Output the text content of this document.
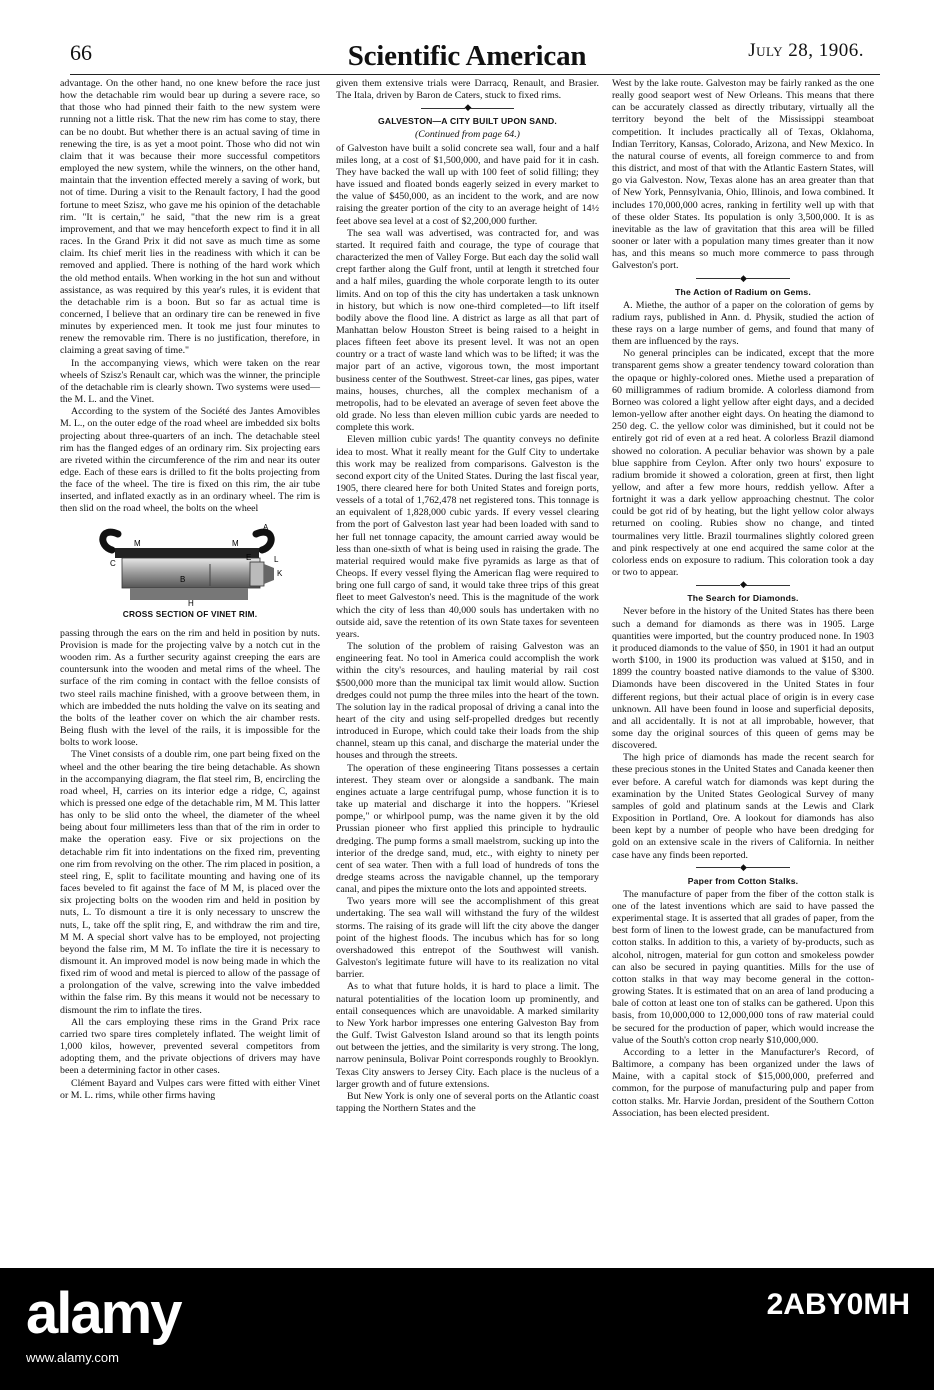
66	Scientific American	July 28, 1906.

advantage. On the other hand, no one knew before the race just how the detachable rim would bear up during a severe race, so that those who had pinned their faith to the new system were running not a little risk. That the new rim has come to stay, there can be no doubt. But whether there is an actual saving of time in renewing the tire, is as yet a moot point. Those who did not win claim that it was because their more successful competitors employed the new system, while the winners, on the other hand, maintain that the invention effected merely a saving of work, but not of time. During a visit to the Renault factory, I had the good fortune to meet Szisz, who gave me his opinion of the detachable rim. "It is certain," he said, "that the new rim is a great improvement, and that we may henceforth expect to find it in all races. In the Grand Prix it did not save as much time as some claim. Its chief merit lies in the readiness with which it can be removed and applied. There is nothing of the hard work which the old method entails. When working in the hot sun and without assistance, as was required by this year's rules, it is evident that the detachable rim is a boon. But so far as actual time is concerned, I believe that an ordinary tire can be renewed in five minutes by experienced men. It took me just four minutes to renew the removable rim. There is no justification, therefore, in claiming a great saving of time."

In the accompanying views, which were taken on the rear wheels of Szisz's Renault car, which was the winner, the principle of the detachable rim is clearly shown. Two systems were used—the M. L. and the Vinet.

According to the system of the Société des Jantes Amovibles M. L., on the outer edge of the road wheel are imbedded six bolts projecting about three-quarters of an inch. The detachable steel rim has the flanged edges of an ordinary rim. Six projecting ears are riveted within the circumference of the rim and near its outer edge. Each of these ears is drilled to fit the bolts projecting from the face of the wheel. The tire is fixed on this rim, the air tube inserted, and inflated exactly as in an ordinary wheel. The rim is then slid on the road wheel, the bolts on the wheel

A
M	M
C
B
E	L
K
H
CROSS SECTION OF VINET RIM.

passing through the ears on the rim and held in position by nuts. Provision is made for the projecting valve by a notch cut in the wooden rim. As a further security against creeping the ears are countersunk into the wooden and metal rims of the wheel. The surface of the rim coming in contact with the felloe consists of two steel rails machine finished, with a groove between them, in which are imbedded the nuts holding the valve on its seating and the bolts of the leather cover on which the air chamber rests. Being flush with the level of the rails, it is impossible for the bolts to work loose.

The Vinet consists of a double rim, one part being fixed on the wheel and the other bearing the tire being detachable. As shown in the accompanying diagram, the flat steel rim, B, encircling the road wheel, H, carries on its interior edge a ridge, C, against which is pressed one edge of the detachable rim, M M. This latter has only to be slid onto the wheel, the diameter of the wheel being about four millimeters less than that of the rim in order to make the operation easy. Five or six projections on the detachable rim fit into indentations on the fixed rim, preventing one rim from revolving on the other. The rim placed in position, a steel ring, E, split to facilitate mounting and having one of its faces beveled to fit against the face of M M, is placed over the six projecting bolts on the wooden rim and held in position by nuts, L. To dismount a tire it is only necessary to unscrew the nuts, L, take off the split ring, E, and withdraw the rim and tire, M M. A special short valve has to be employed, not projecting beyond the false rim, M M. To inflate the tire it is necessary to dismount it. An improved model is now being made in which the fixed rim of wood and metal is pierced to allow of the passage of a prolongation of the valve, screwing into the valve imbedded within the false rim. By this means it would not be necessary to dismount the rim to inflate the tires.

All the cars employing these rims in the Grand Prix race carried two spare tires completely inflated. The weight limit of 1,000 kilos, however, prevented several competitors from adopting them, and the private objections of drivers may have been a determining factor in other cases.

Clément Bayard and Vulpes cars were fitted with either Vinet or M. L. rims, while other firms having

given them extensive trials were Darracq, Renault, and Brasier. The Itala, driven by Baron de Caters, stuck to fixed rims.

◆
GALVESTON—A CITY BUILT UPON SAND.
(Continued from page 64.)

of Galveston have built a solid concrete sea wall, four and a half miles long, at a cost of $1,500,000, and have paid for it in cash. They have backed the wall up with 100 feet of solid filling; they have issued and floated bonds eagerly seized in every market to the value of $450,000, as an incident to the work, and are now raising the greater portion of the city to an average height of 14½ feet above sea level at a cost of $2,200,000 further.

The sea wall was advertised, was contracted for, and was started. It required faith and courage, the type of courage that characterized the men of Valley Forge. But each day the solid wall crept farther along the Gulf front, until at length it stretched four and a half miles, guarding the whole corporate length to its outer limits. And on top of this the city has undertaken a task unknown in history, but which is now one-third completed—to lift itself bodily above the flood line. A district as large as all that part of Manhattan below Houston Street is being raised to a height in places fifteen feet above its present level. It was not an open country or a tract of waste land which was to be lifted; it was the major part of an active, vigorous town, the most important business center of the Southwest. Street-car lines, gas pipes, water mains, houses, churches, all the complex mechanism of a metropolis, had to be elevated an average of seven feet above the old grade. No less than eleven million cubic yards are needed to complete this work.

Eleven million cubic yards! The quantity conveys no definite idea to most. What it really meant for the Gulf City to undertake this work may be realized from comparisons. Galveston is the second export city of the United States. During the last fiscal year, 1905, there cleared here for both United States and foreign ports, vessels of a total of 1,762,478 net registered tons. This tonnage is an equivalent of 1,828,000 cubic yards. If every vessel clearing from the port of Galveston last year had been loaded with sand to her full net tonnage capacity, the amount carried away would be less than one-sixth of what is being used in raising the grade. The material required would make five pyramids as large as that of Cheops. If every vessel flying the American flag were required to bring one full cargo of sand, it would take three trips of this great fleet to meet Galveston's need. This is the magnitude of the work which the city of less than 40,000 souls has undertaken with no outside aid, save the retention of its own State taxes for seventeen years.

The solution of the problem of raising Galveston was an engineering feat. No tool in America could accomplish the work within the city's resources, and hauling material by rail cost $500,000 more than the municipal tax limit would allow. Suction dredges could not pump the three miles into the heart of the town. The solution lay in the radical proposal of driving a canal into the heart of the city and using self-propelled dredges but recently introduced in Europe, which could take their loads from the ship channel, steam up this canal, and discharge the material under the houses and through the streets.

The operation of these engineering Titans possesses a certain interest. They steam over or alongside a sandbank. The main engines actuate a large centrifugal pump, whose function it is to take up material and discharge it into the hoppers. "Kriesel pompe," or whirlpool pump, was the name given it by the old Prussian pioneer who first applied this principle to hydraulic dredging. The pump forms a small maelstrom, sucking up into the interior of the dredge sand, mud, etc., with eighty to ninety per cent of sea water. Then with a full load of hundreds of tons the dredge steams across the navigable channel, up the temporary canal, and pipes the mixture onto the lots and appointed streets.

Two years more will see the accomplishment of this great undertaking. The sea wall will withstand the fury of the wildest storms. The raising of its grade will lift the city above the danger point of the highest floods. The incubus which has for so long overshadowed this entrepot of the Southwest will vanish. Galveston's legitimate future will have to its realization no vital barrier.

As to what that future holds, it is hard to place a limit. The natural potentialities of the location loom up prominently, and entail consequences which are unavoidable. A marked similarity to New York harbor impresses one entering Galveston Bay from the Gulf. Twist Galveston Island around so that its length points out between the jetties, and the similarity is very strong. The long, narrow peninsula, Bolivar Point corresponds roughly to Brooklyn. Texas City answers to Jersey City. Each place is the nucleus of a larger growth and of future extensions.

But New York is only one of several ports on the Atlantic coast tapping the Northern States and the

West by the lake route. Galveston may be fairly ranked as the one really good seaport west of New Orleans. This means that there can be accurately classed as directly tributary, virtually all the territory beyond the belt of the Mississippi steamboat competition. It includes practically all of Texas, Oklahoma, Indian Territory, Kansas, Colorado, Arizona, and New Mexico. In the natural course of events, all foreign commerce to and from this district, and most of that with the Atlantic Eastern States, will go via Galveston. Now, Texas alone has an area greater than that of New York, Pennsylvania, Ohio, Illinois, and Iowa combined. It includes 170,000,000 acres, ranking in fertility well up with that of these older States. Its population is only 3,500,000. It is as inevitable as the law of gravitation that this area will be filled sooner or later with a population many times greater than it now has, and this means so much more commerce to pass through Galveston's port.

◆
The Action of Radium on Gems.

A. Miethe, the author of a paper on the coloration of gems by radium rays, published in Ann. d. Physik, studied the action of these rays on a large number of gems, and found that many of them are influenced by the rays.

No general principles can be indicated, except that the more transparent gems show a greater tendency toward coloration than the opaque or highly-colored ones. Miethe used a preparation of 60 milligrammes of radium bromide. A colorless diamond from Borneo was colored a light yellow after eight days, and a decided lemon-yellow after another eight days. On heating the diamond to 250 deg. C. the yellow color was diminished, but it could not be entirely got rid of even at a red heat. A colorless Brazil diamond showed no coloration. A peculiar behavior was shown by a pale blue sapphire from Ceylon. After only two hours' exposure to radium bromide it showed a coloration, green at first, then light yellow, and after a few more hours, reddish yellow. After a fortnight it was a dark yellow approaching chestnut. The color could be got rid of by heating, but the light yellow color always returned on cooling. Rubies show no change, and tinted tourmalines very little. Brazil tourmalines slightly colored green and pink respectively at one end acquired the same color at the colorless ends on exposure to radium. This coloration took a day or two to appear.

◆
The Search for Diamonds.

Never before in the history of the United States has there been such a demand for diamonds as there was in 1905. Large quantities were imported, but the country produced none. In 1903 it produced diamonds to the value of $50, in 1901 it had an output worth $100, in 1900 its production was valued at $150, and in 1899 the country boasted native diamonds to the value of $300. Diamonds have been discovered in the United States in four different regions, but their actual place of origin is in every case unknown. All have been found in loose and superficial deposits, and all accidentally. It is not at all improbable, however, that some day the original sources of this queen of gems may be discovered.

The high price of diamonds has made the recent search for these precious stones in the United States and Canada keener then ever before. A careful watch for diamonds was kept during the examination by the United States Geological Survey of many samples of gold and platinum sands at the Lewis and Clark Exposition in Portland, Ore. A lookout for diamonds has also been kept by a number of people who have been dredging for gold on an extensive scale in the rivers of California. In neither case have any finds been reported.

◆
Paper from Cotton Stalks.

The manufacture of paper from the fiber of the cotton stalk is one of the latest inventions which are said to have passed the experimental stage. It is asserted that all grades of paper, from the best form of linen to the lowest grade, can be manufactured from cotton stalks. In addition to this, a variety of by-products, such as alcohol, nitrogen, material for gun cotton and smokeless powder can also be secured in paying quantities. Mills for the use of cotton stalks in that way may become general in the cotton-growing States. It is estimated that on an area of land producing a bale of cotton at least one ton of stalks can be gathered. Upon this basis, from 10,000,000 to 12,000,000 tons of raw material could be secured for the production of paper, which would increase the value of the South's cotton crop nearly $10,000,000.

According to a letter in the Manufacturer's Record, of Baltimore, a company has been organized under the laws of Maine, with a capital stock of $15,000,000, preferred and common, for the purpose of manufacturing pulp and paper from cotton stalks. Mr. Harvie Jordan, president of the Southern Cotton Association, has been elected president.

alamy
www.alamy.com
2ABY0MH
